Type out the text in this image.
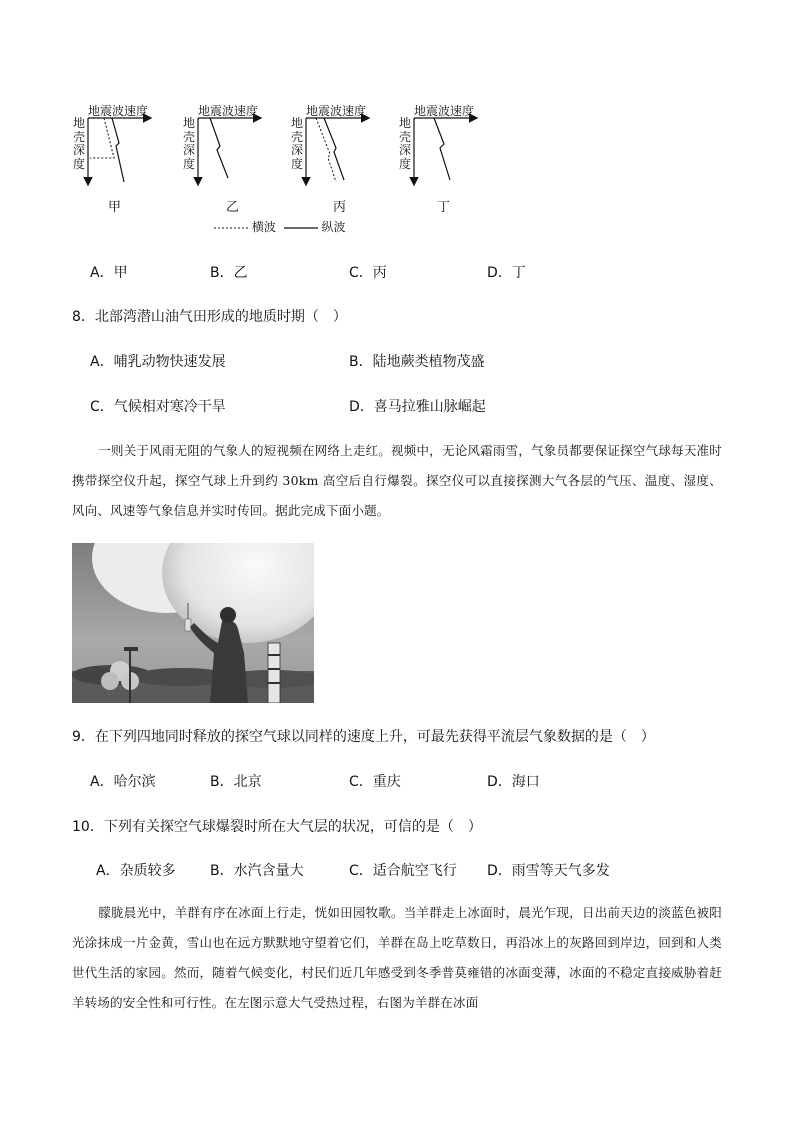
地震波速度
地
壳
深
度
甲
地震波速度
地
壳
深
度
乙
地震波速度
地
壳
深
度
丙
地震波速度
地
壳
深
度
丁
横波	纵波
A．甲	B．乙	C．丙	D．丁
8．北部湾潜山油气田形成的地质时期（　）
A．哺乳动物快速发展	B．陆地蕨类植物茂盛
C．气候相对寒冷干旱	D．喜马拉雅山脉崛起
一则关于风雨无阻的气象人的短视频在网络上走红。视频中，无论风霜雨雪，气象员都要保证探空气球每天准时携带探空仪升起，探空气球上升到约 30km 高空后自行爆裂。探空仪可以直接探测大气各层的气压、温度、湿度、风向、风速等气象信息并实时传回。据此完成下面小题。
9．在下列四地同时释放的探空气球以同样的速度上升，可最先获得平流层气象数据的是（　）
A．哈尔滨	B．北京	C．重庆	D．海口
10．下列有关探空气球爆裂时所在大气层的状况，可信的是（　）
A．杂质较多 B．水汽含量大	C．适合航空飞行 D．雨雪等天气多发
朦胧晨光中，羊群有序在冰面上行走，恍如田园牧歌。当羊群走上冰面时，晨光乍现，日出前天边的淡蓝色被阳光涂抹成一片金黄，雪山也在远方默默地守望着它们，羊群在岛上吃草数日，再沿冰上的灰路回到岸边，回到和人类世代生活的家园。然而，随着气候变化，村民们近几年感受到冬季普莫雍错的冰面变薄，冰面的不稳定直接威胁着赶羊转场的安全性和可行性。在左图示意大气受热过程，右图为羊群在冰面
